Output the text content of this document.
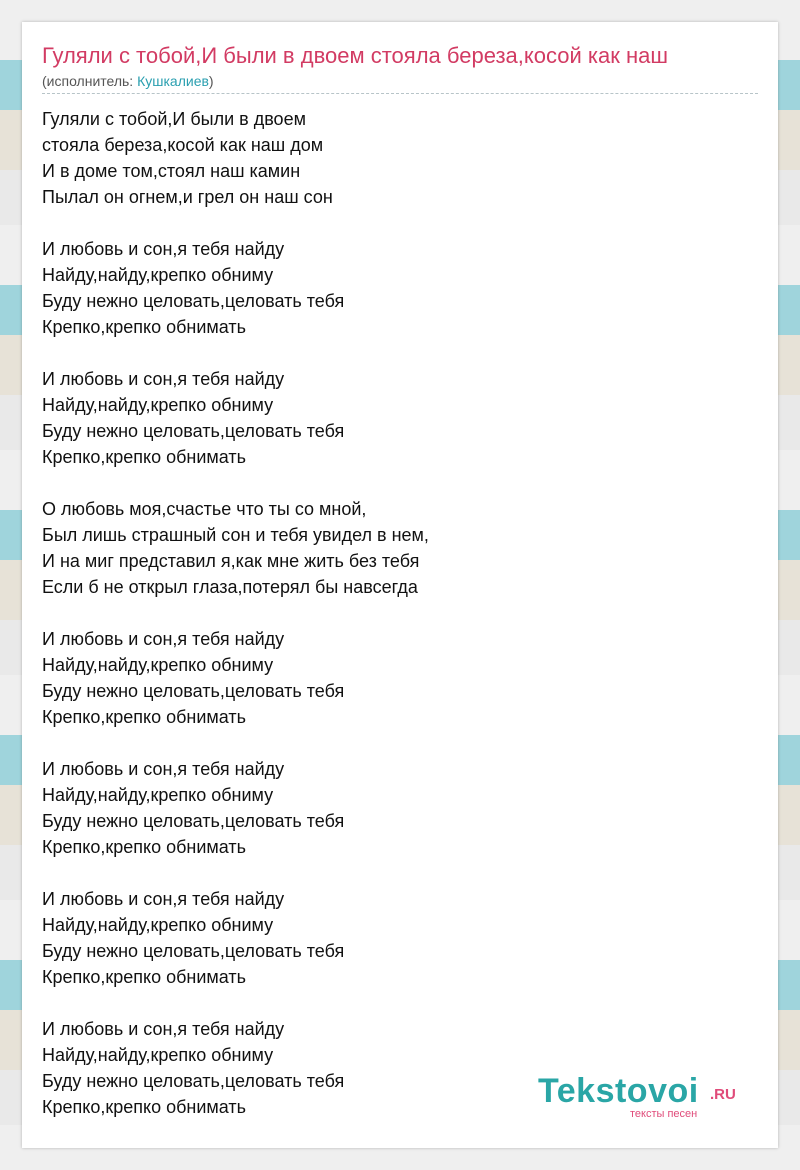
Гуляли с тобой,И были в двоем стояла береза,косой как наш
(исполнитель: Кушкалиев)
Гуляли с тобой,И были в двоем
стояла береза,косой как наш дом
И в доме том,стоял наш камин
Пылал он огнем,и грел он наш сон
И любовь и сон,я тебя найду
Найду,найду,крепко обниму
Буду нежно целовать,целовать тебя
Крепко,крепко обнимать
И любовь и сон,я тебя найду
Найду,найду,крепко обниму
Буду нежно целовать,целовать тебя
Крепко,крепко обнимать
О любовь моя,счастье что ты со мной,
Был лишь страшный сон и тебя увидел в нем,
И на миг представил я,как мне жить без тебя
Если б не открыл глаза,потерял бы навсегда
И любовь и сон,я тебя найду
Найду,найду,крепко обниму
Буду нежно целовать,целовать тебя
Крепко,крепко обнимать
И любовь и сон,я тебя найду
Найду,найду,крепко обниму
Буду нежно целовать,целовать тебя
Крепко,крепко обнимать
И любовь и сон,я тебя найду
Найду,найду,крепко обниму
Буду нежно целовать,целовать тебя
Крепко,крепко обнимать
И любовь и сон,я тебя найду
Найду,найду,крепко обниму
Буду нежно целовать,целовать тебя
Крепко,крепко обнимать	Tekstovoi .RU
тексты песен
